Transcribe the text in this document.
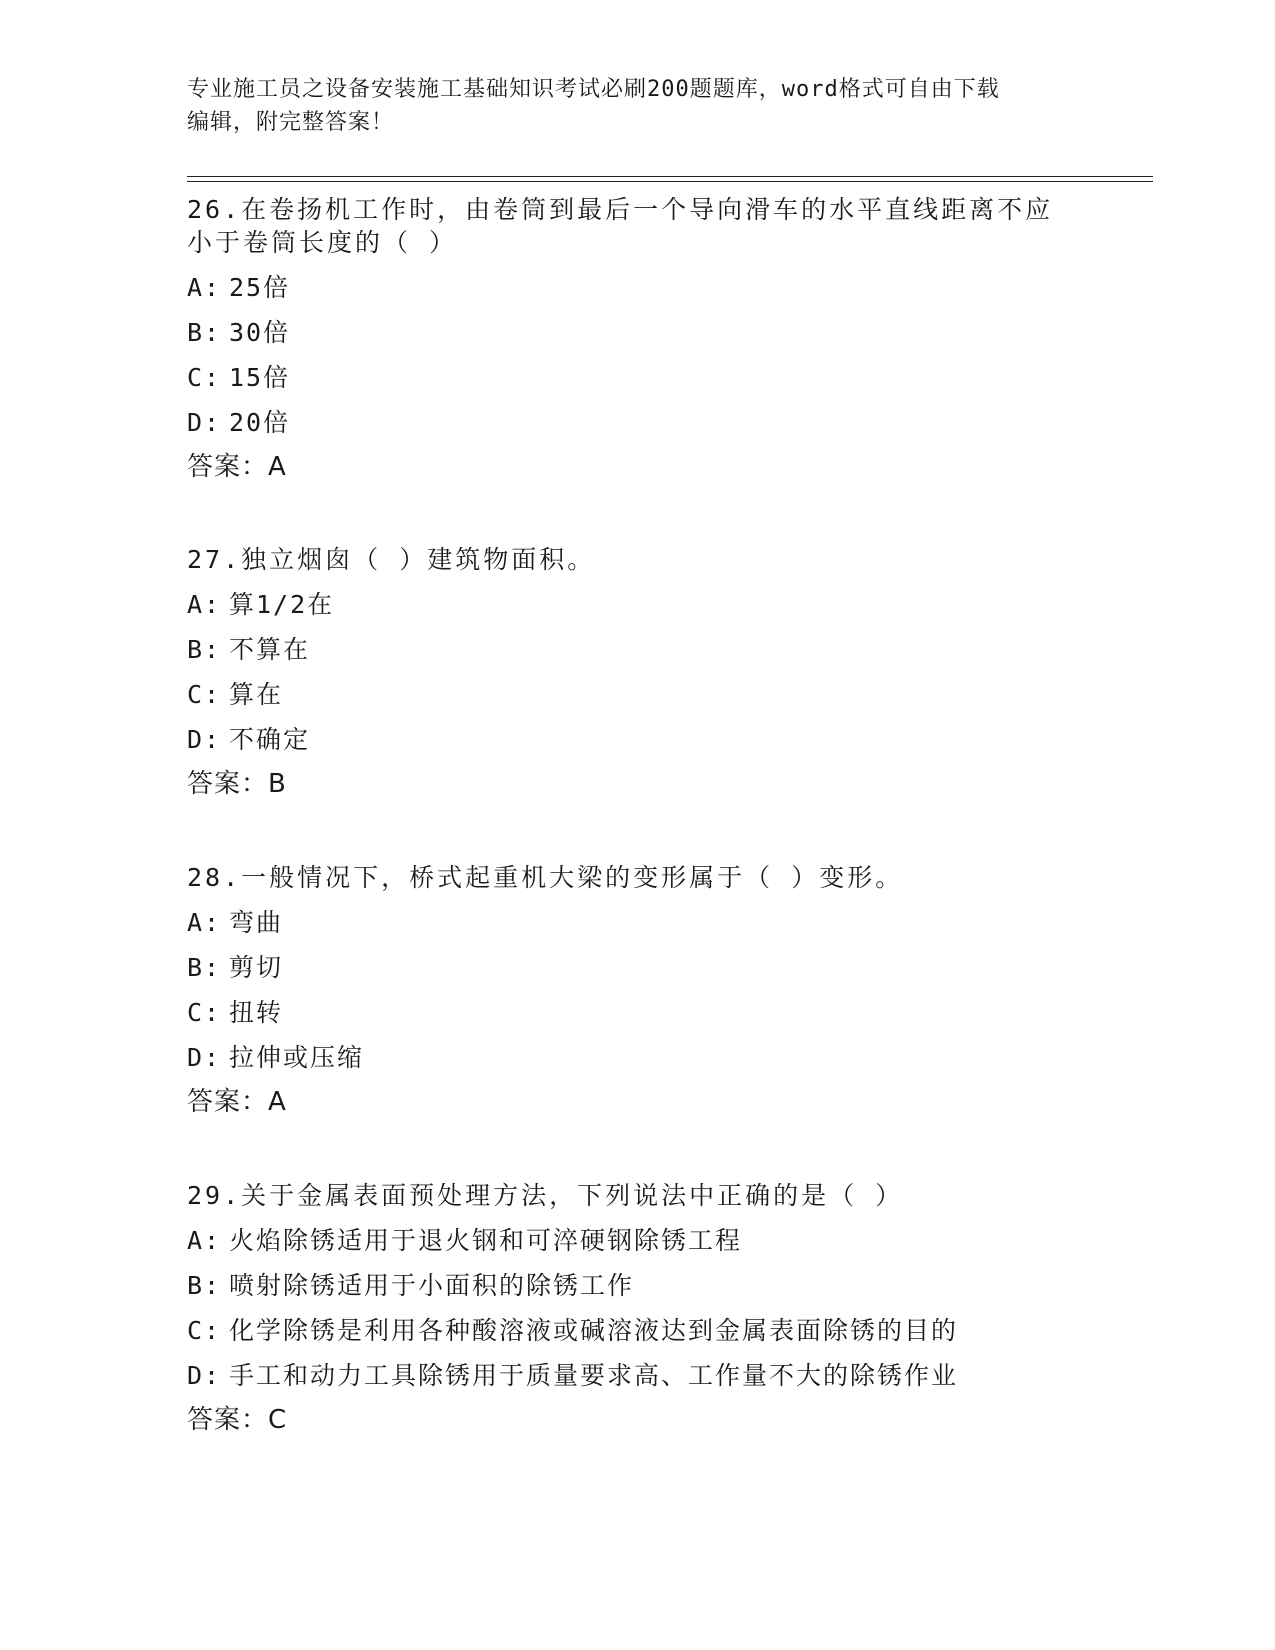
专业施工员之设备安装施工基础知识考试必刷200题题库，word格式可自由下载
编辑，附完整答案！
26.在卷扬机工作时，由卷筒到最后一个导向滑车的水平直线距离不应
小于卷筒长度的（ ）
A: 25倍
B: 30倍
C: 15倍
D: 20倍
答案：A
27.独立烟囱（ ）建筑物面积。
A: 算1/2在
B: 不算在
C: 算在
D: 不确定
答案：B
28.一般情况下，桥式起重机大梁的变形属于（ ）变形。
A: 弯曲
B: 剪切
C: 扭转
D: 拉伸或压缩
答案：A
29.关于金属表面预处理方法，下列说法中正确的是（ ）
A: 火焰除锈适用于退火钢和可淬硬钢除锈工程
B: 喷射除锈适用于小面积的除锈工作
C: 化学除锈是利用各种酸溶液或碱溶液达到金属表面除锈的目的
D: 手工和动力工具除锈用于质量要求高、工作量不大的除锈作业
答案：C
